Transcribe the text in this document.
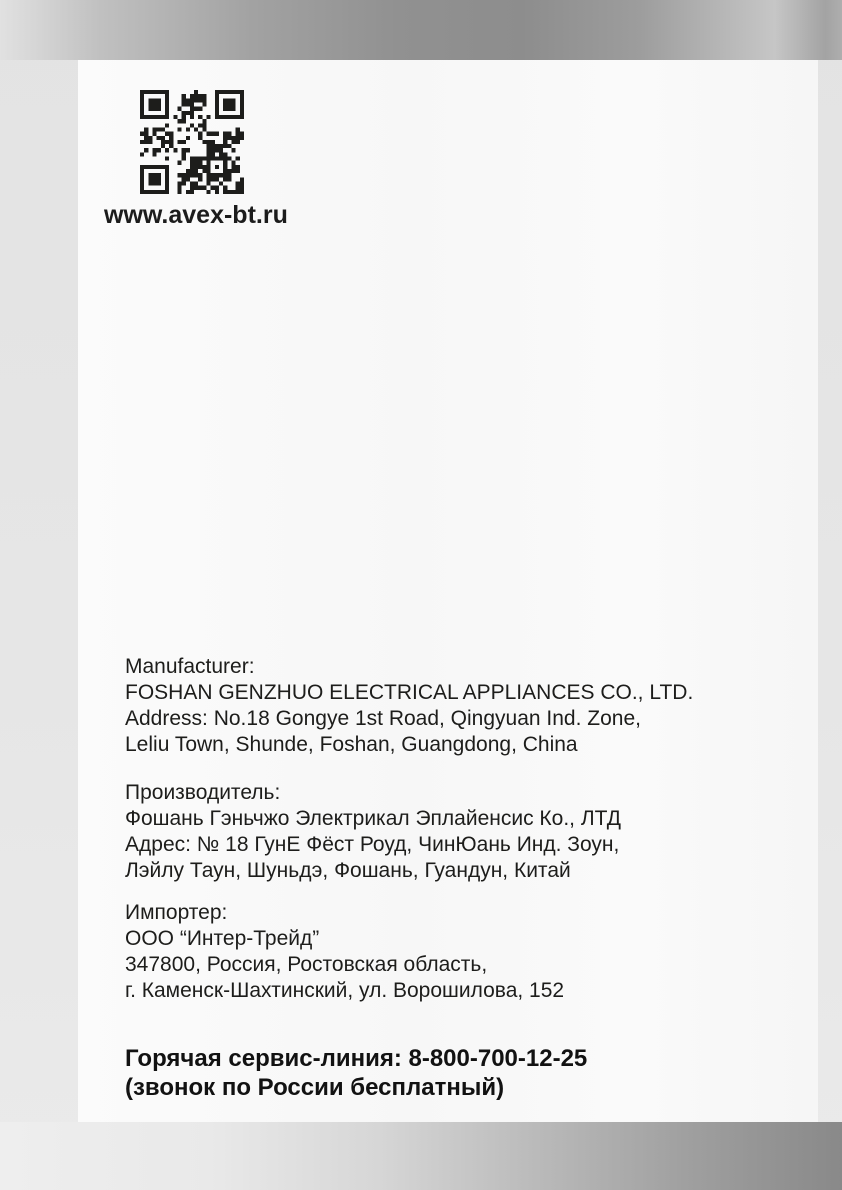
www.avex-bt.ru
Manufacturer:
FOSHAN GENZHUO ELECTRICAL APPLIANCES CO., LTD.
Address: No.18 Gongye 1st Road, Qingyuan Ind. Zone,
Leliu Town, Shunde, Foshan, Guangdong, China
Производитель:
Фошань Гэньчжо Электрикал Эплайенсис Ко., ЛТД
Адрес: № 18 ГунЕ Фёст Роуд, ЧинЮань Инд. Зоун,
Лэйлу Таун, Шуньдэ, Фошань, Гуандун, Китай
Импортер:
ООО “Интер-Трейд”
347800, Россия, Ростовская область,
г. Каменск-Шахтинский, ул. Ворошилова, 152
Горячая сервис-линия: 8-800-700-12-25
(звонок по России бесплатный)
